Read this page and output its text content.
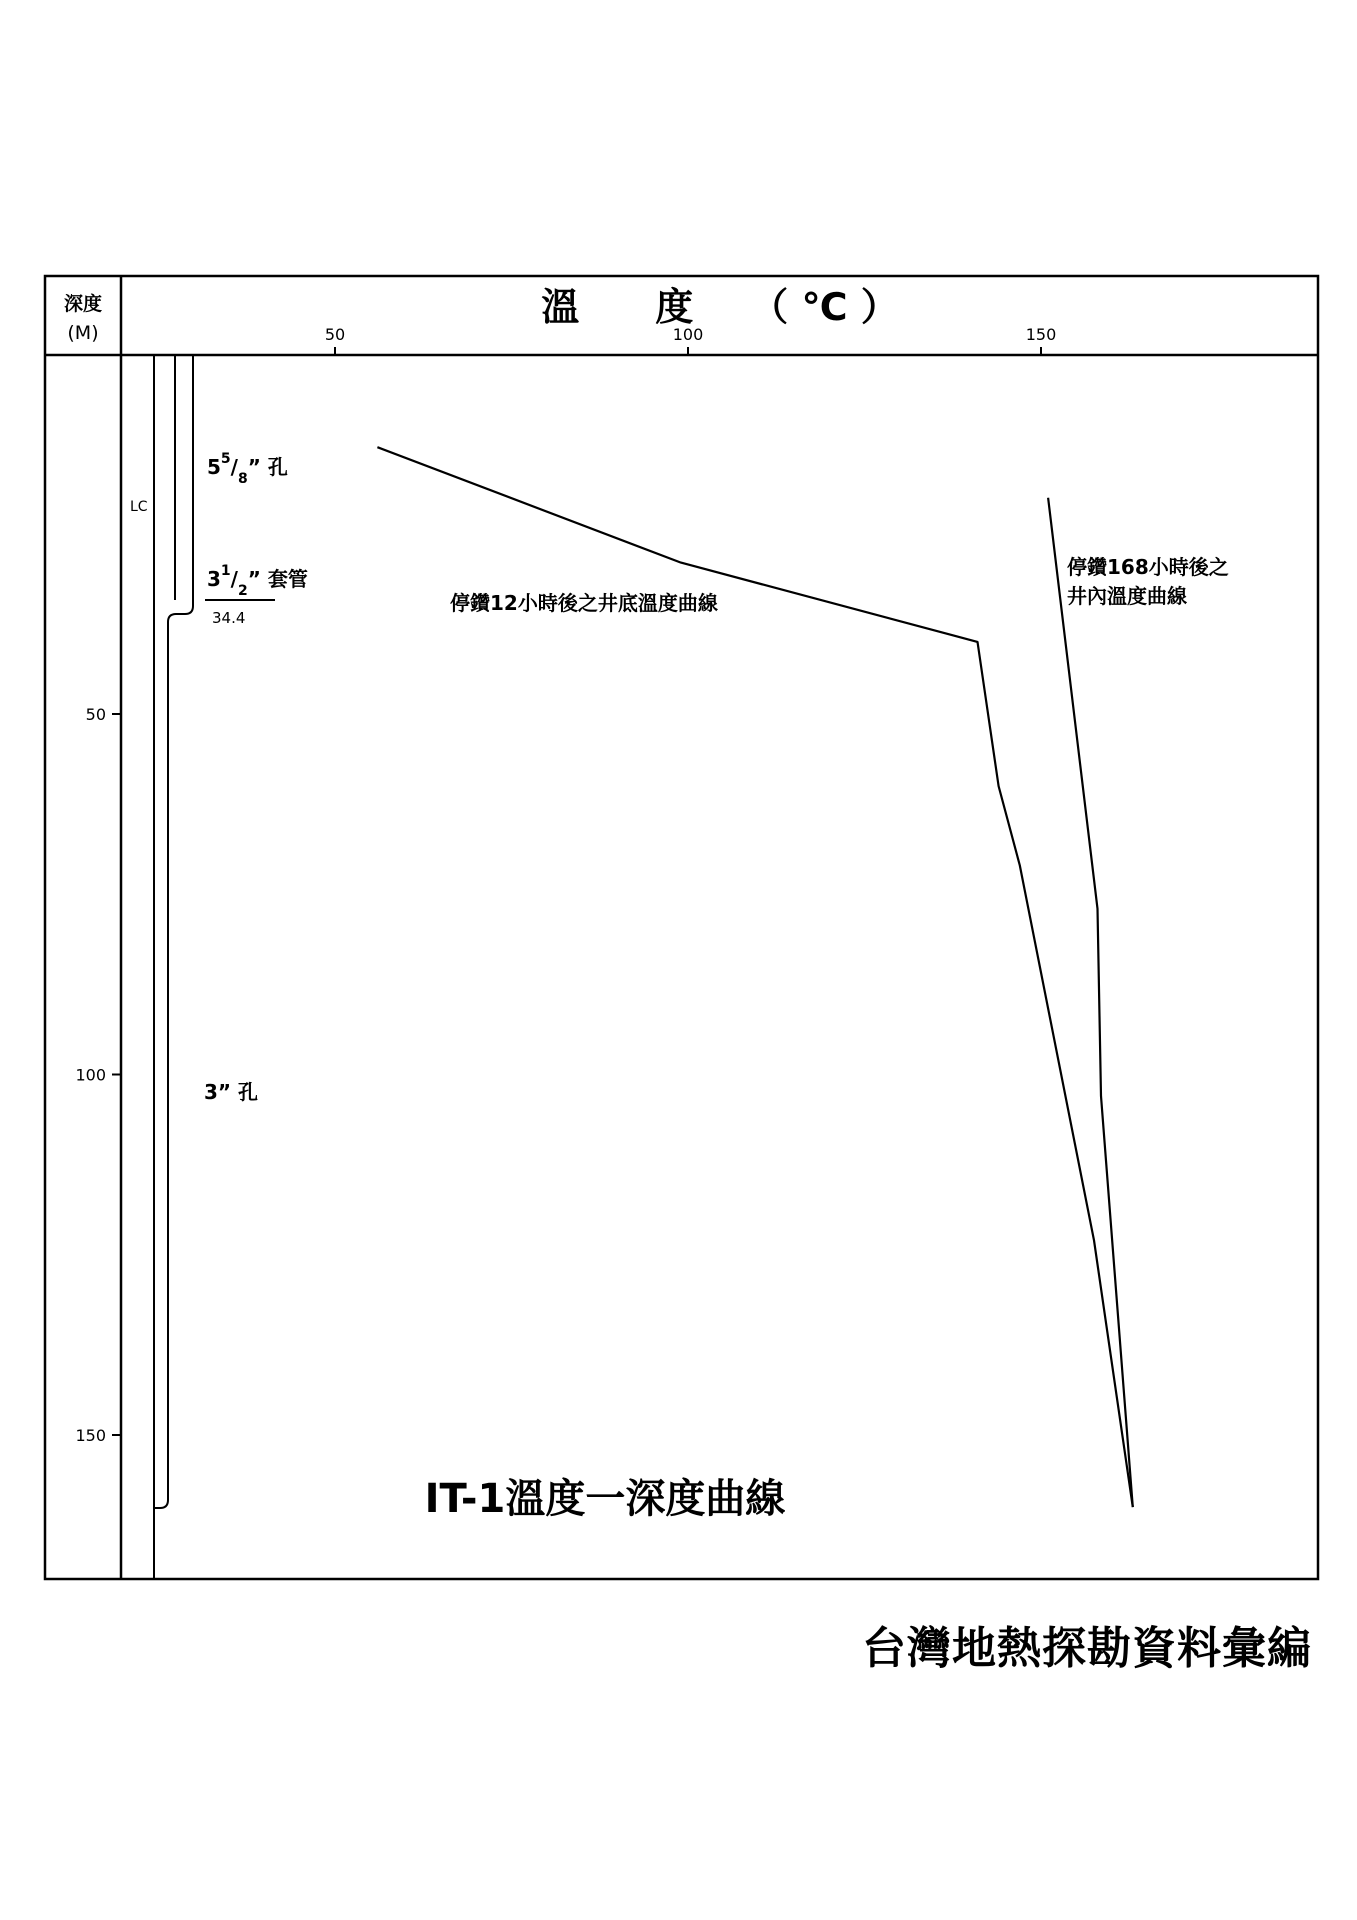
深度
(M)
溫　　度　　（ ℃ ）
50	100	150
50
100
150
LC
$5^5/_8$” 孔
$3^1/_2$” 套管
34.4
3” 孔
停鑽12小時後之井底溫度曲線
停鑽168小時後之
井內溫度曲線
IT-1溫度一深度曲線
台灣地熱探勘資料彙編
